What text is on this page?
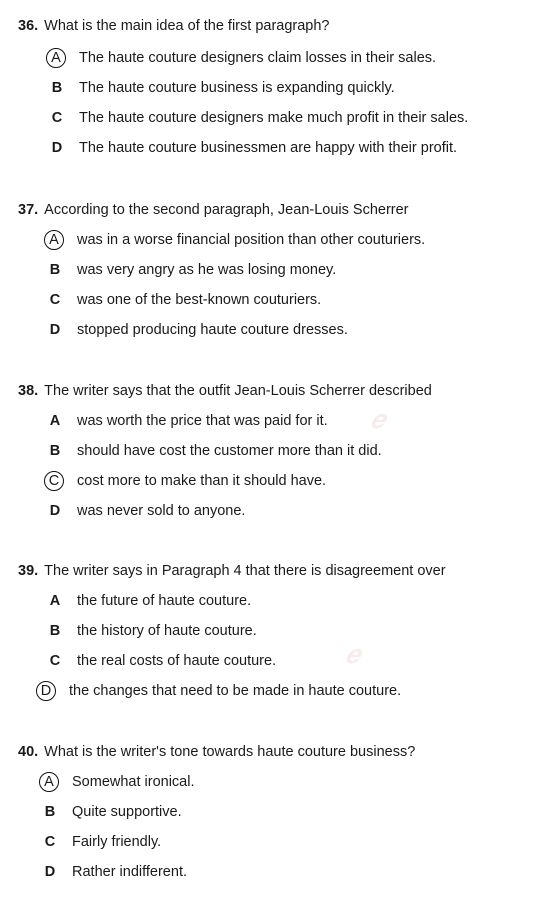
𝒆
𝒆
36. What is the main idea of the first paragraph?
A	The haute couture designers claim losses in their sales.
B	The haute couture business is expanding quickly.
C	The haute couture designers make much profit in their sales.
D	The haute couture businessmen are happy with their profit.
37. According to the second paragraph, Jean-Louis Scherrer
A	was in a worse financial position than other couturiers.
B	was very angry as he was losing money.
C	was one of the best-known couturiers.
D	stopped producing haute couture dresses.
38. The writer says that the outfit Jean-Louis Scherrer described
A	was worth the price that was paid for it.
B	should have cost the customer more than it did.
C	cost more to make than it should have.
D	was never sold to anyone.
39. The writer says in Paragraph 4 that there is disagreement over
A	the future of haute couture.
B	the history of haute couture.
C	the real costs of haute couture.
D	the changes that need to be made in haute couture.
40. What is the writer's tone towards haute couture business?
A	Somewhat ironical.
B	Quite supportive.
C	Fairly friendly.
D	Rather indifferent.
